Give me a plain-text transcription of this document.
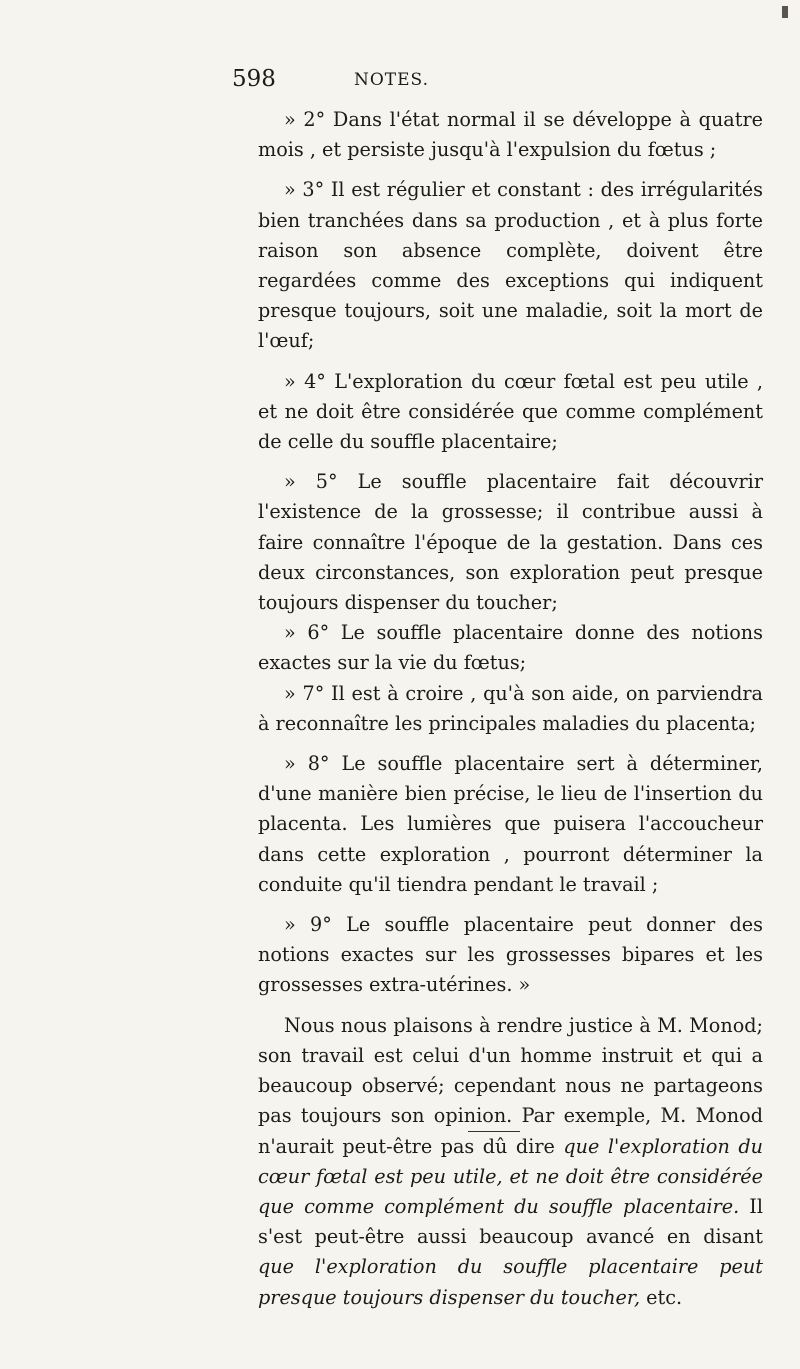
598	NOTES.

» 2° Dans l'état normal il se développe à quatre mois , et persiste jusqu'à l'expulsion du fœtus ;

» 3° Il est régulier et constant : des irrégularités bien tranchées dans sa production , et à plus forte raison son absence complète, doivent être regardées comme des exceptions qui indiquent presque toujours, soit une maladie, soit la mort de l'œuf;

» 4° L'exploration du cœur fœtal est peu utile , et ne doit être considérée que comme complément de celle du souffle placentaire;

» 5° Le souffle placentaire fait découvrir l'existence de la grossesse; il contribue aussi à faire connaître l'époque de la gestation. Dans ces deux circonstances, son exploration peut presque toujours dispenser du toucher;

» 6° Le souffle placentaire donne des notions exactes sur la vie du fœtus;

» 7° Il est à croire , qu'à son aide, on parviendra à reconnaître les principales maladies du placenta;

» 8° Le souffle placentaire sert à déterminer, d'une manière bien précise, le lieu de l'insertion du placenta. Les lumières que puisera l'accoucheur dans cette exploration , pourront déterminer la conduite qu'il tiendra pendant le travail ;

» 9° Le souffle placentaire peut donner des notions exactes sur les grossesses bipares et les grossesses extra-utérines. »

Nous nous plaisons à rendre justice à M. Monod; son travail est celui d'un homme instruit et qui a beaucoup observé; cependant nous ne partageons pas toujours son opinion. Par exemple, M. Monod n'aurait peut-être pas dû dire que l'exploration du cœur fœtal est peu utile, et ne doit être considérée que comme complément du souffle placentaire. Il s'est peut-être aussi beaucoup avancé en disant que l'exploration du souffle placentaire peut presque toujours dispenser du toucher, etc.
